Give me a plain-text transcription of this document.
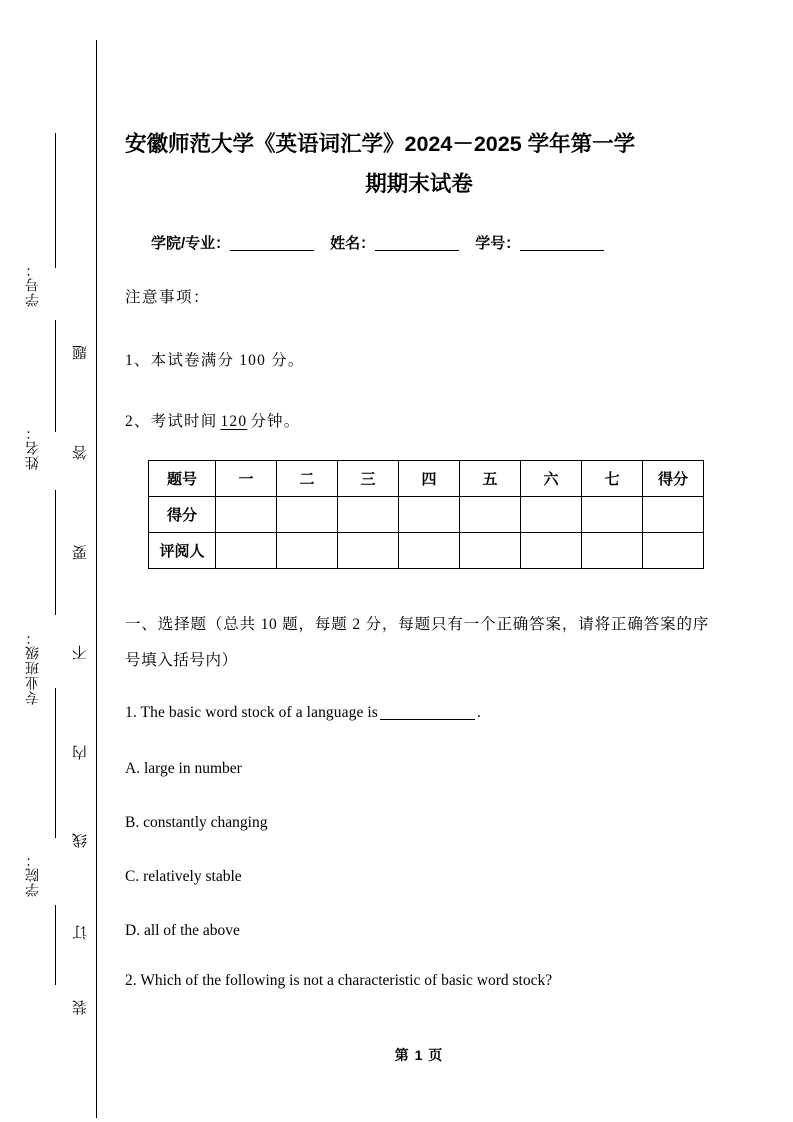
学号：
姓名：
专业班级：
学院：
题
答
要
不
内
线
订
装
安徽师范大学《英语词汇学》2024－2025 学年第一学
期期末试卷
学院/专业：	姓名：	学号：
注意事项：
1、本试卷满分 100 分。
2、考试时间 120 分钟。
题号	一	二	三	四	五	六	七	得分
得分								
评阅人								
一、选择题（总共 10 题，每题 2 分，每题只有一个正确答案，请将正确答案的序号填入括号内）
1. The basic word stock of a language is	.
A. large in number
B. constantly changing
C. relatively stable
D. all of the above
2. Which of the following is not a characteristic of basic word stock?
第 1 页
